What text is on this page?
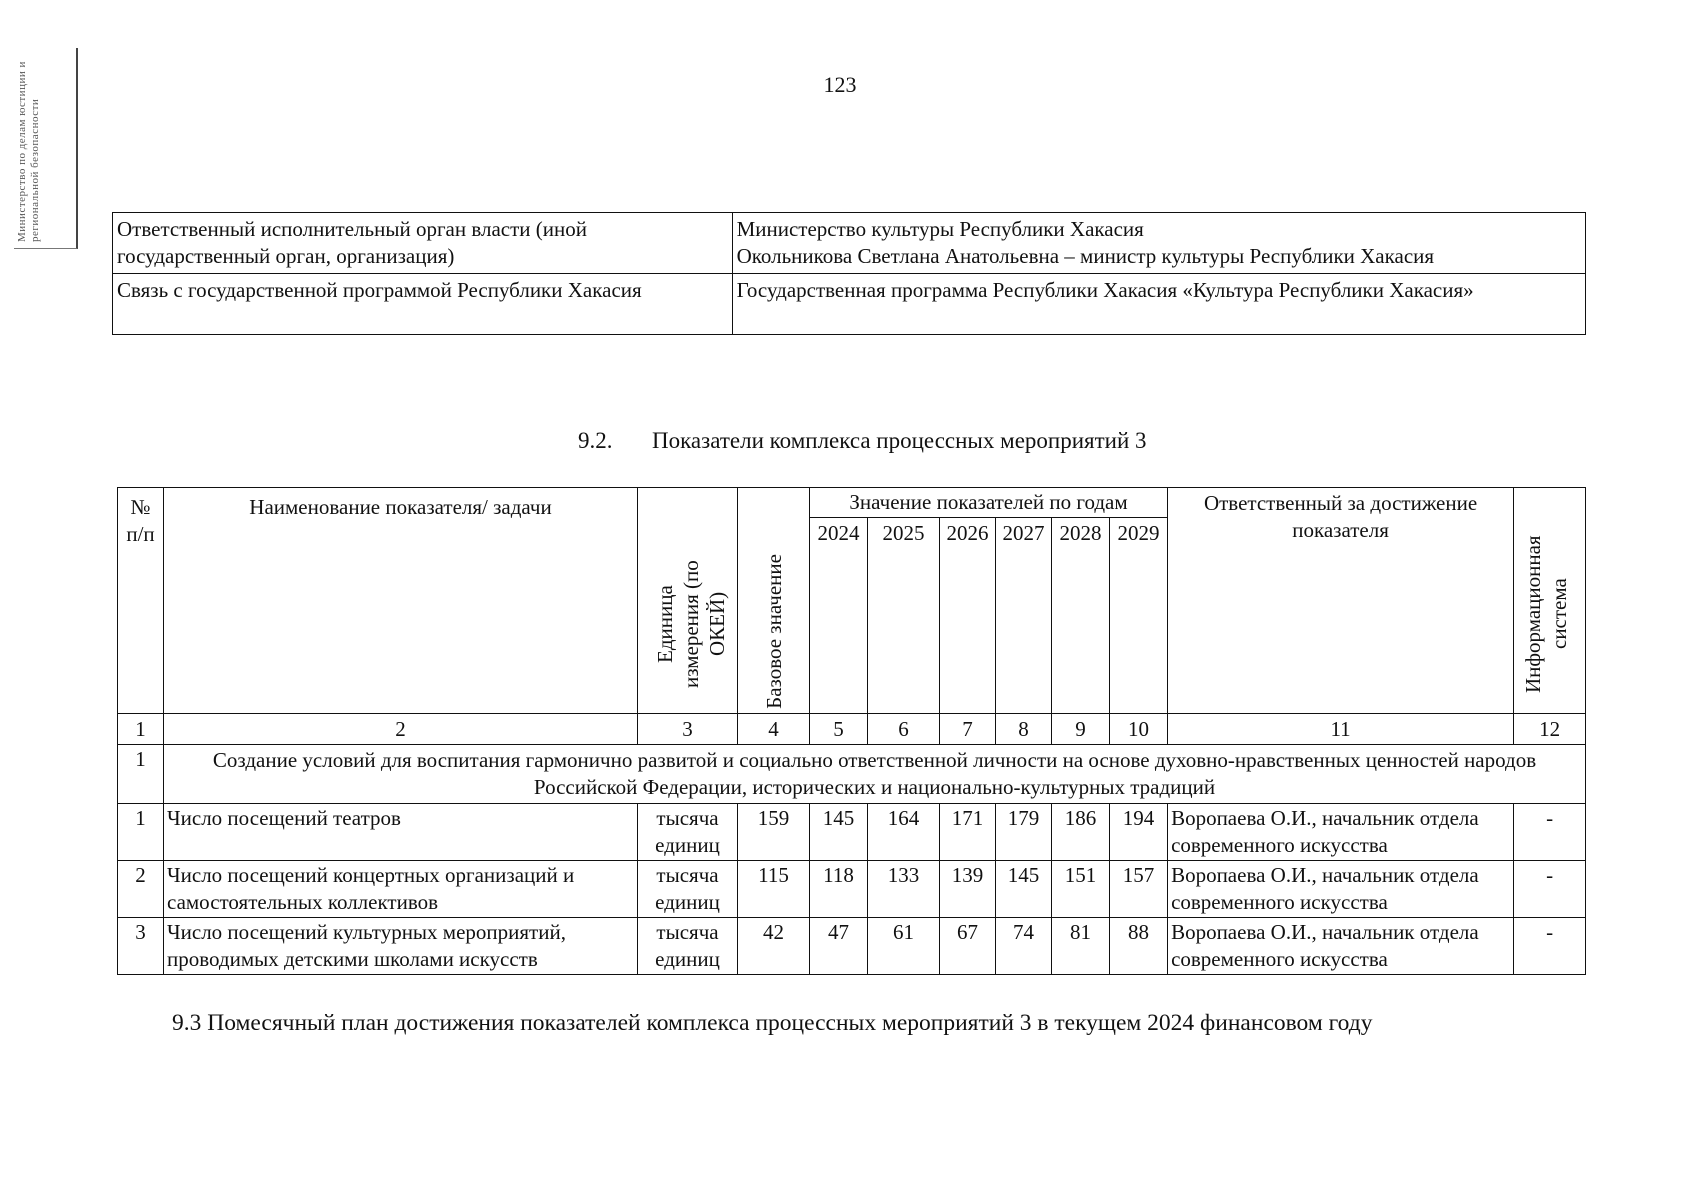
Министерство по делам юстиции и региональной безопасности
123
Ответственный исполнительный орган власти (иной государственный орган, организация)	Министерство культуры Республики Хакасия
Окольникова Светлана Анатольевна – министр культуры Республики Хакасия

Связь с государственной программой Республики Хакасия	Государственная программа Республики Хакасия «Культура Республики Хакасия»
9.2. Показатели комплекса процессных мероприятий 3
№ п/п	Наименование показателя/ задачи	Единица измерения (по ОКЕЙ)	Базовое значение	Значение показателей по годам						Ответственный за достижение показателя	Информационная система

				2024	2025	2026	2027	2028	2029		
1	2	3	4	5	6	7	8	9	10	11	12
1	Создание условий для воспитания гармонично развитой и социально ответственной личности на основе духовно-нравственных ценностей народов Российской Федерации, исторических и национально-культурных традиций										
1	Число посещений театров	тысяча единиц	159	145	164	171	179	186	194	Воропаева О.И., начальник отдела современного искусства	-
2	Число посещений концертных организаций и самостоятельных коллективов	тысяча единиц	115	118	133	139	145	151	157	Воропаева О.И., начальник отдела современного искусства	-
3	Число посещений культурных мероприятий, проводимых детскими школами искусств	тысяча единиц	42	47	61	67	74	81	88	Воропаева О.И., начальник отдела современного искусства	-
9.3 Помесячный план достижения показателей комплекса процессных мероприятий 3 в текущем 2024 финансовом году
